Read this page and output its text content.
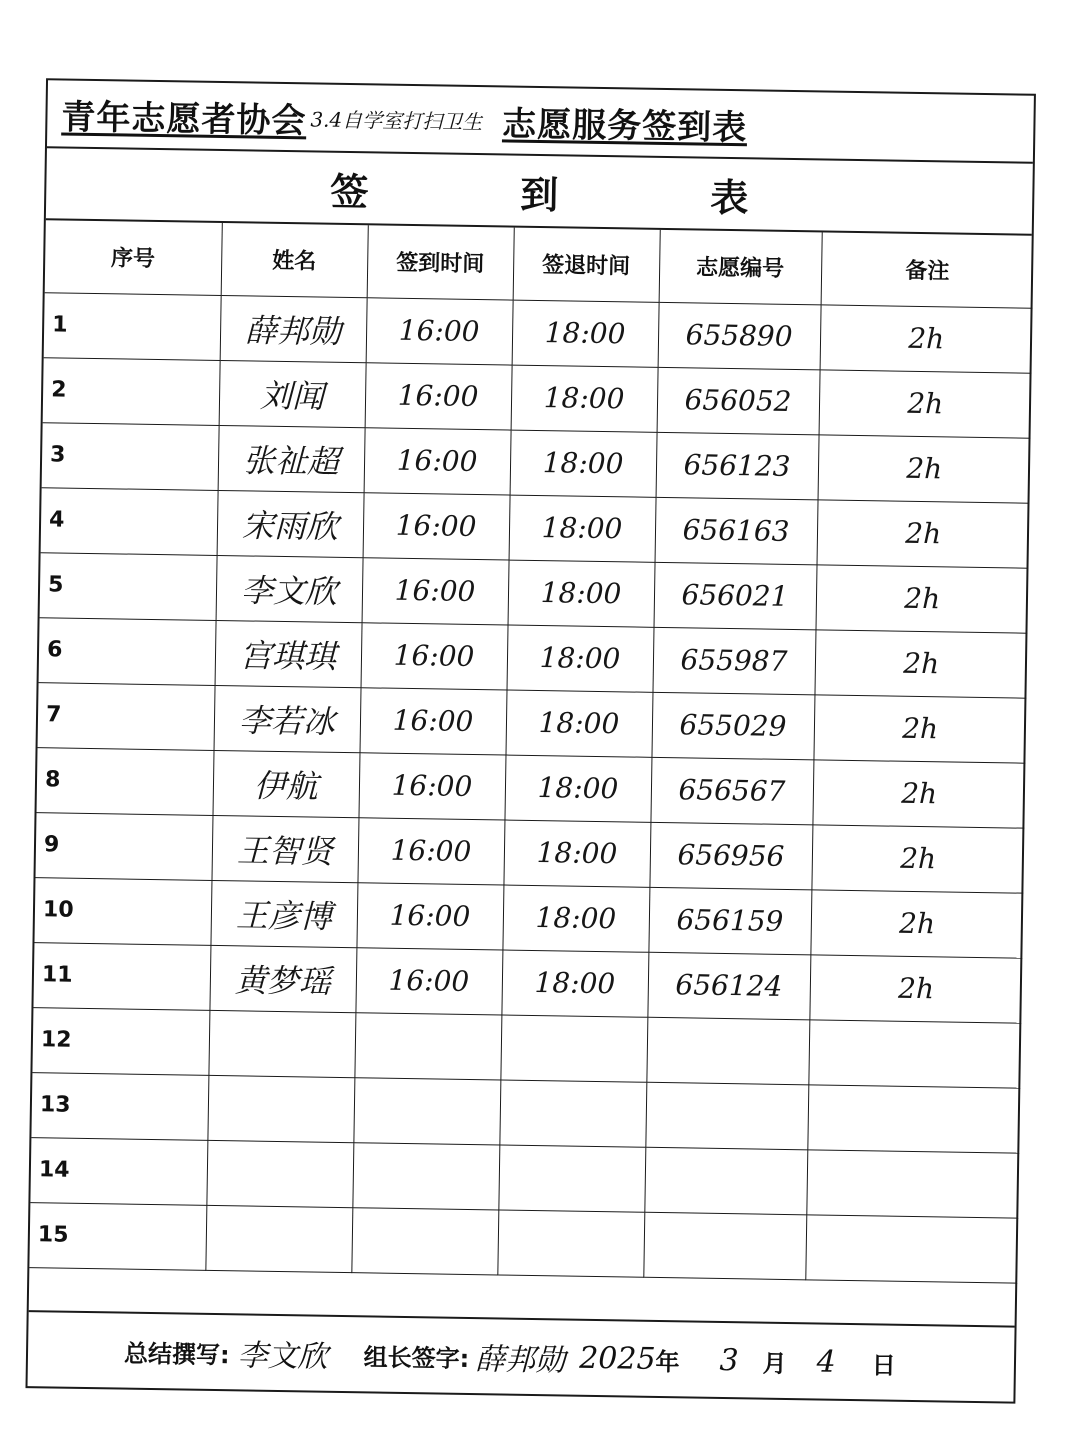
青年志愿者协会 3.4自学室打扫卫生 志愿服务签到表
签	到	表
序号	姓名	签到时间	签退时间	志愿编号	备注
1	薛邦勋	16:00	18:00	655890	2h
2	刘闻	16:00	18:00	656052	2h
3	张祉超	16:00	18:00	656123	2h
4	宋雨欣	16:00	18:00	656163	2h
5	李文欣	16:00	18:00	656021	2h
6	宫琪琪	16:00	18:00	655987	2h
7	李若冰	16:00	18:00	655029	2h
8	伊航	16:00	18:00	656567	2h
9	王智贤	16:00	18:00	656956	2h
10	王彦博	16:00	18:00	656159	2h
11	黄梦瑶	16:00	18:00	656124	2h
12					
13					
14					
15					
总结撰写: 李文欣 组长签字: 薛邦勋 2025 年 3 月 4 日
